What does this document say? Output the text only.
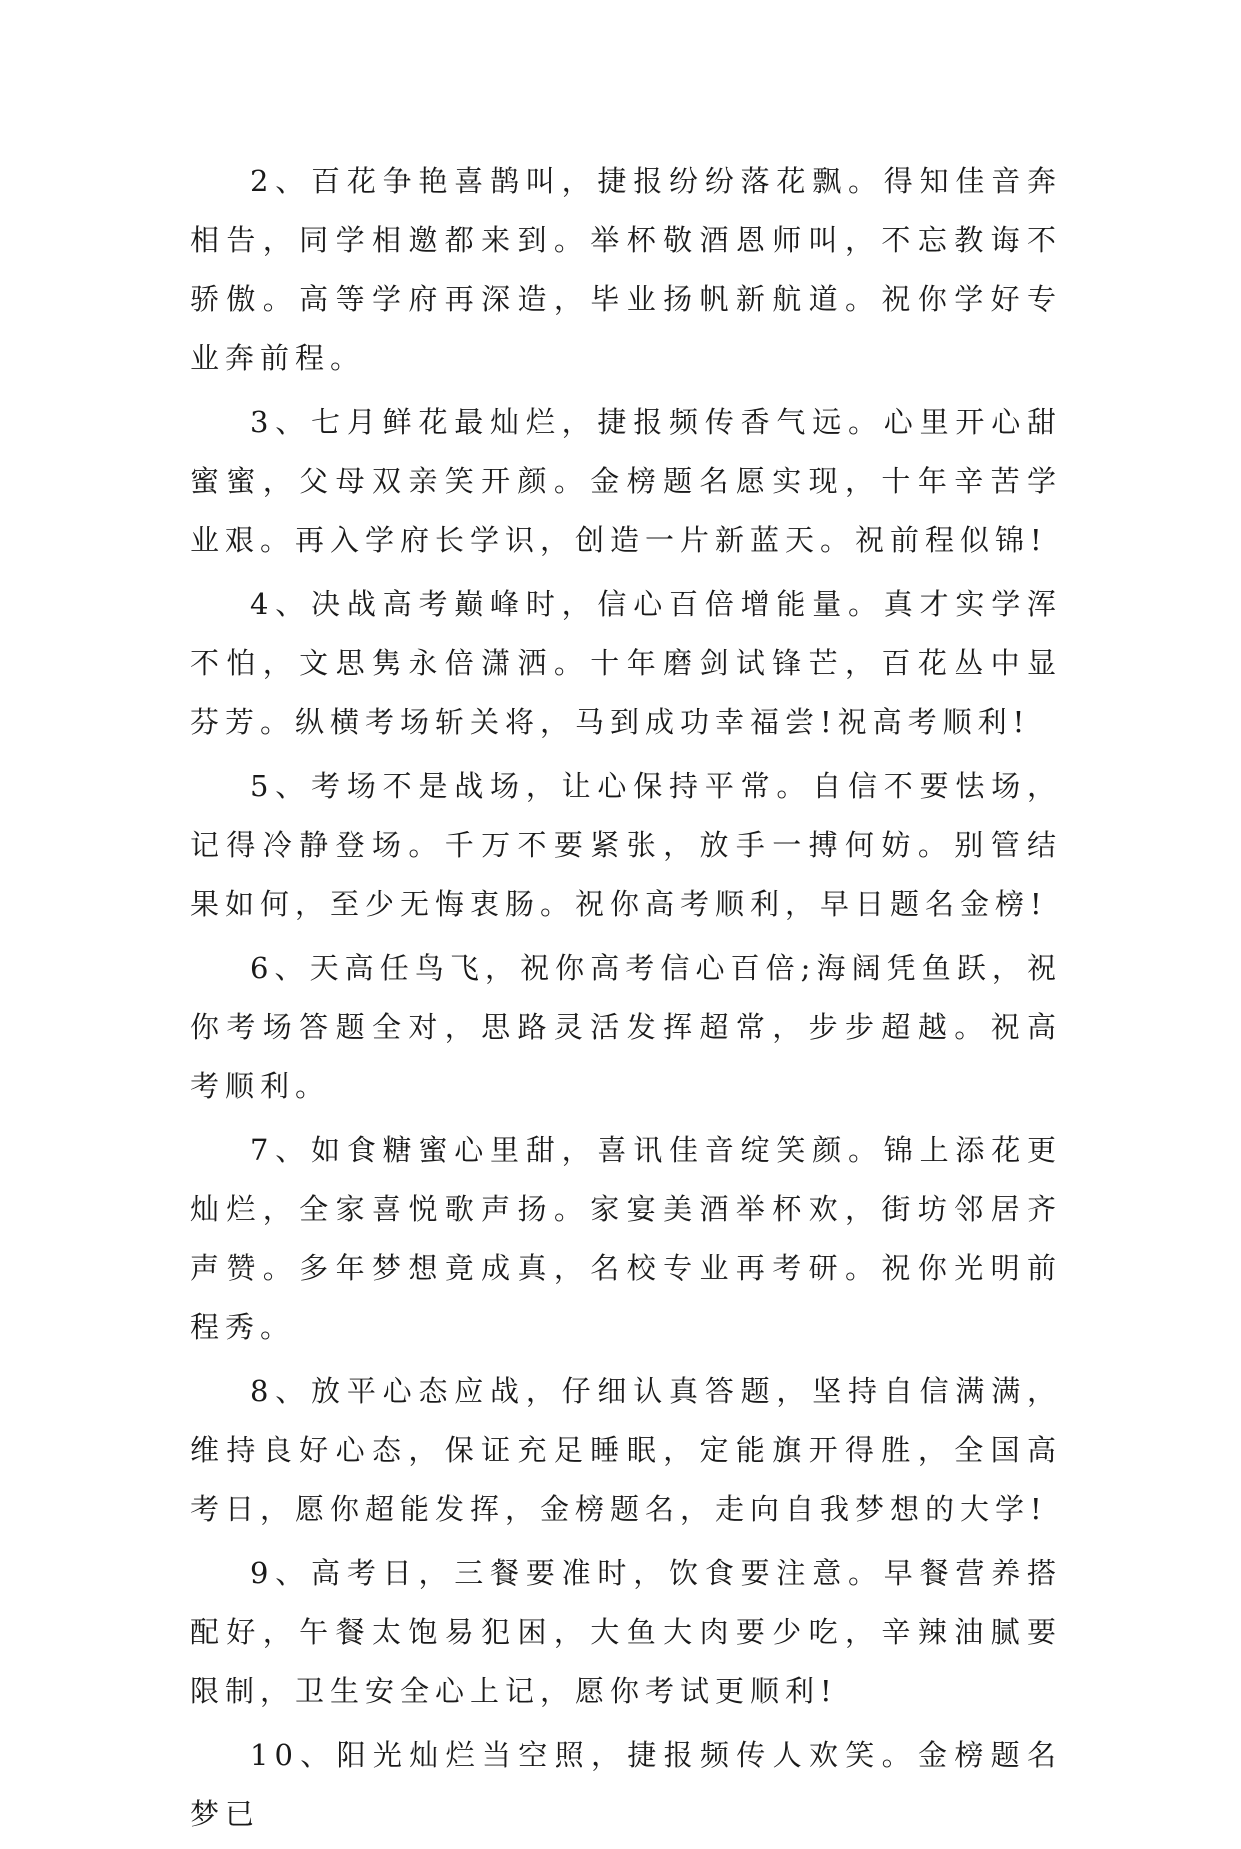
2、百花争艳喜鹊叫，捷报纷纷落花飘。得知佳音奔相告，同学相邀都来到。举杯敬酒恩师叫，不忘教诲不骄傲。高等学府再深造，毕业扬帆新航道。祝你学好专业奔前程。

3、七月鲜花最灿烂，捷报频传香气远。心里开心甜蜜蜜，父母双亲笑开颜。金榜题名愿实现，十年辛苦学业艰。再入学府长学识，创造一片新蓝天。祝前程似锦!

4、决战高考巅峰时，信心百倍增能量。真才实学浑不怕，文思隽永倍潇洒。十年磨剑试锋芒，百花丛中显芬芳。纵横考场斩关将，马到成功幸福尝!祝高考顺利!

5、考场不是战场，让心保持平常。自信不要怯场，记得冷静登场。千万不要紧张，放手一搏何妨。别管结果如何，至少无悔衷肠。祝你高考顺利，早日题名金榜!

6、天高任鸟飞，祝你高考信心百倍;海阔凭鱼跃，祝你考场答题全对，思路灵活发挥超常，步步超越。祝高考顺利。

7、如食糖蜜心里甜，喜讯佳音绽笑颜。锦上添花更灿烂，全家喜悦歌声扬。家宴美酒举杯欢，街坊邻居齐声赞。多年梦想竟成真，名校专业再考研。祝你光明前程秀。

8、放平心态应战，仔细认真答题，坚持自信满满，维持良好心态，保证充足睡眠，定能旗开得胜，全国高考日，愿你超能发挥，金榜题名，走向自我梦想的大学!

9、高考日，三餐要准时，饮食要注意。早餐营养搭配好，午餐太饱易犯困，大鱼大肉要少吃，辛辣油腻要限制，卫生安全心上记，愿你考试更顺利!

10、阳光灿烂当空照，捷报频传人欢笑。金榜题名梦已
